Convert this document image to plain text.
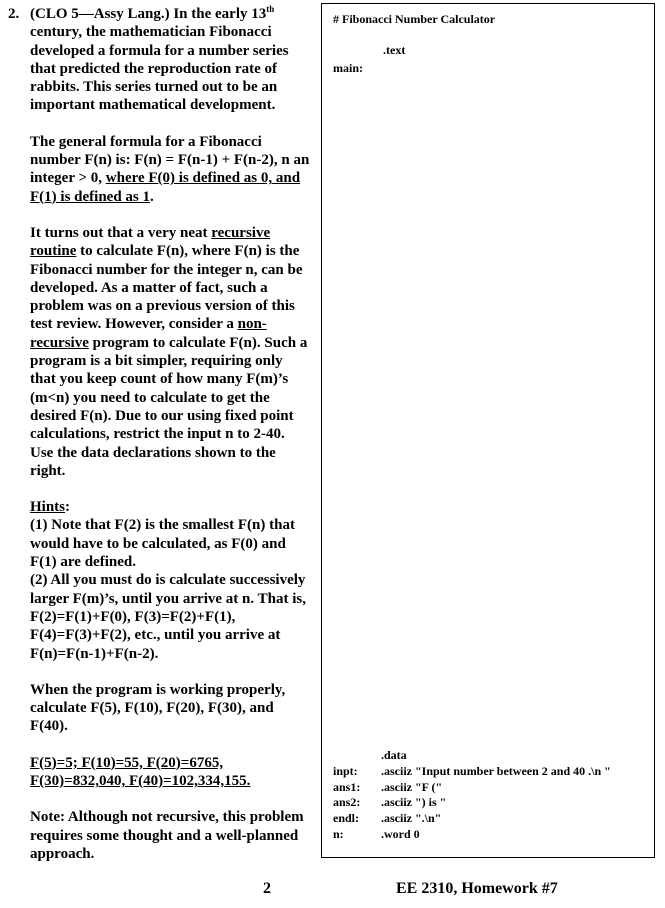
2. (CLO 5—Assy Lang.) In the early 13th century, the mathematician Fibonacci developed a formula for a number series that predicted the reproduction rate of rabbits. This series turned out to be an important mathematical development.
The general formula for a Fibonacci number F(n) is: F(n) = F(n-1) + F(n-2), n an integer > 0, where F(0) is defined as 0, and F(1) is defined as 1.
It turns out that a very neat recursive routine to calculate F(n), where F(n) is the Fibonacci number for the integer n, can be developed. As a matter of fact, such a problem was on a previous version of this test review. However, consider a non-recursive program to calculate F(n). Such a program is a bit simpler, requiring only that you keep count of how many F(m)’s (m<n) you need to calculate to get the desired F(n). Due to our using fixed point calculations, restrict the input n to 2-40. Use the data declarations shown to the right.
Hints:
(1) Note that F(2) is the smallest F(n) that would have to be calculated, as F(0) and F(1) are defined.
(2) All you must do is calculate successively larger F(m)’s, until you arrive at n. That is, F(2)=F(1)+F(0), F(3)=F(2)+F(1), F(4)=F(3)+F(2), etc., until you arrive at F(n)=F(n-1)+F(n-2).
When the program is working properly, calculate F(5), F(10), F(20), F(30), and F(40).
F(5)=5; F(10)=55, F(20)=6765, F(30)=832,040, F(40)=102,334,155.
Note: Although not recursive, this problem requires some thought and a well-planned approach.
# Fibonacci Number Calculator
.text
main:
.data
inpt:	.asciiz "Input number between 2 and 40 .\n "
ans1:	.asciiz "F ("
ans2:	.asciiz ") is "
endl:	.asciiz ".\n"
n:	.word 0
2	EE 2310, Homework #7
